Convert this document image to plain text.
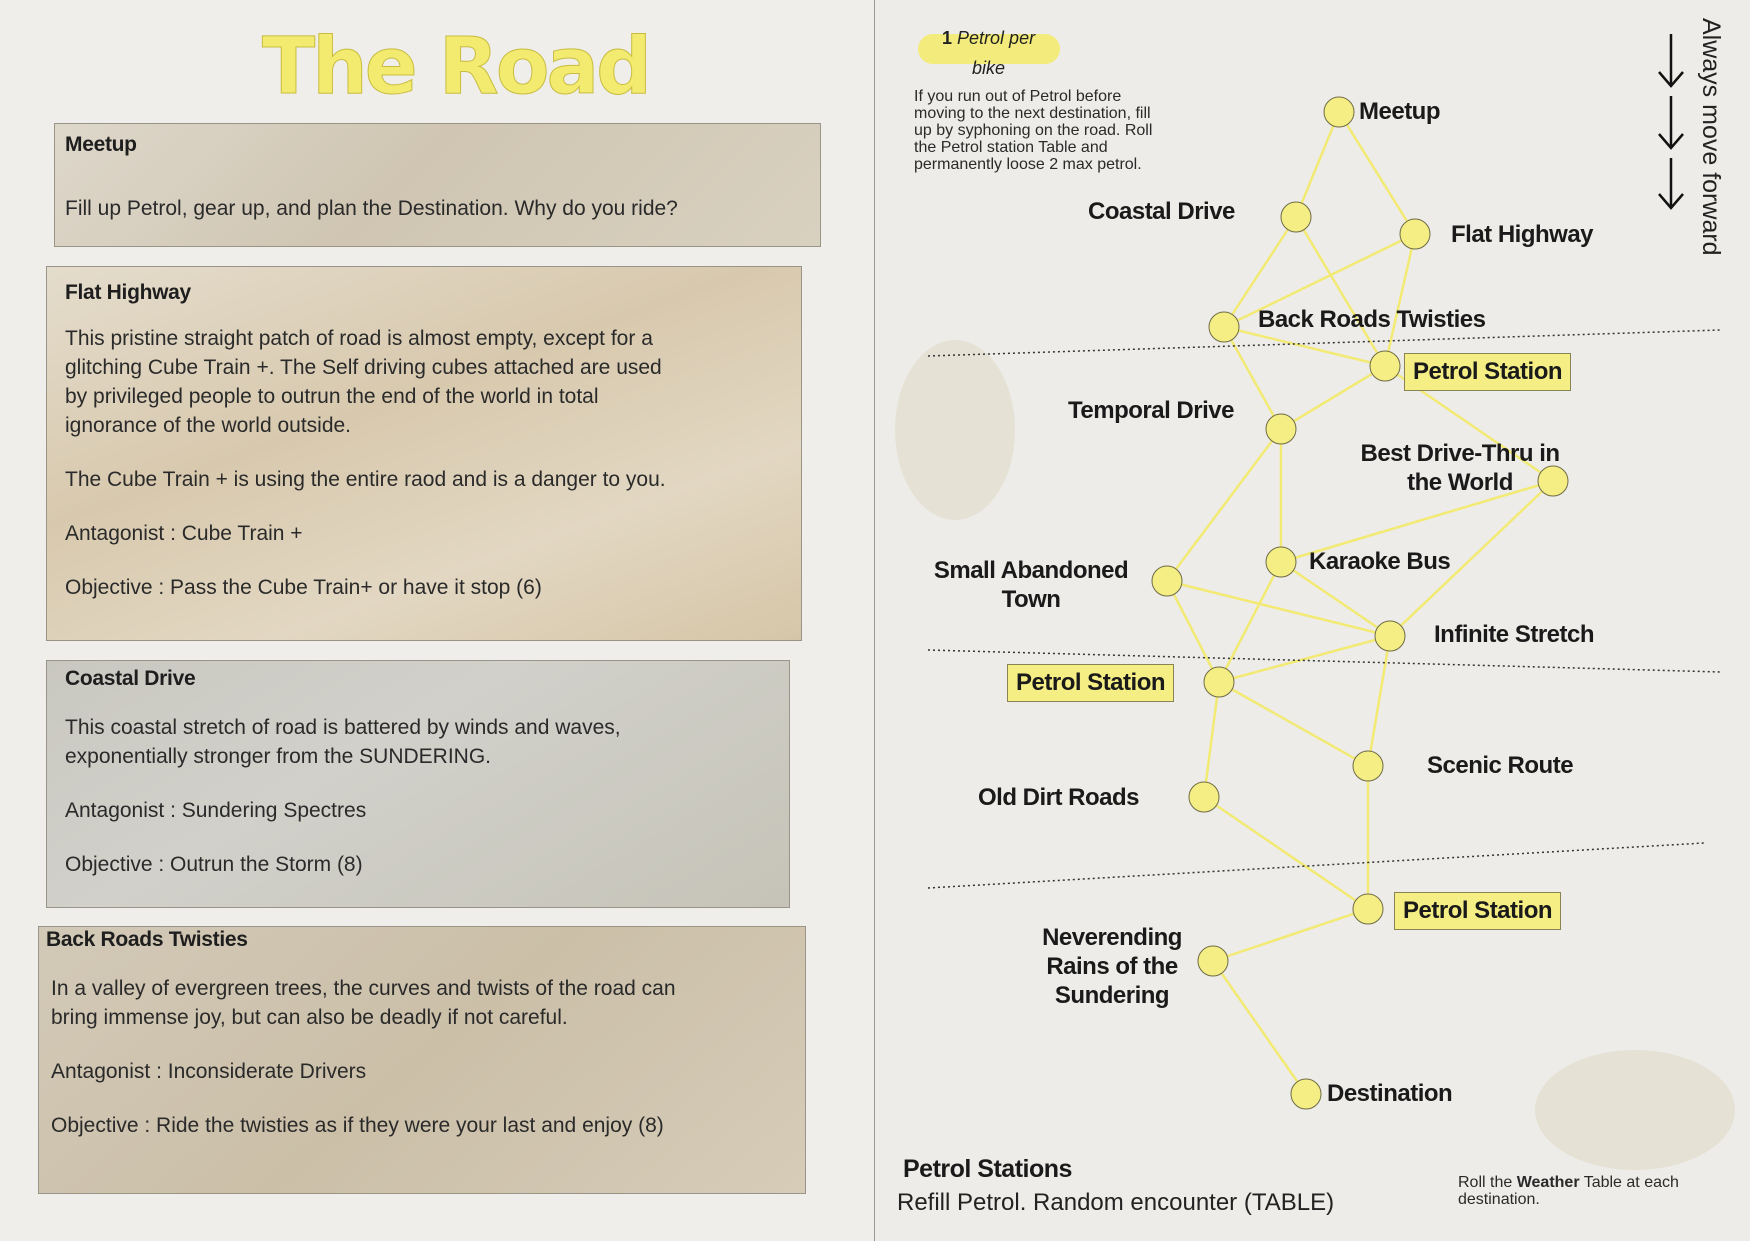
The Road
Meetup

Fill up Petrol, gear up, and plan the Destination. Why do you ride?

Flat Highway

This pristine straight patch of road is almost empty, except for a

glitching Cube Train +. The Self driving cubes attached are used

by privileged people to outrun the end of the world in total

ignorance of the world outside.

The Cube Train + is using the entire raod and is a danger to you.

Antagonist : Cube Train +

Objective : Pass the Cube Train+ or have it stop (6)

Coastal Drive

This coastal stretch of road is battered by winds and waves,

exponentially stronger from the SUNDERING.

Antagonist : Sundering Spectres

Objective : Outrun the Storm (8)

Back Roads Twisties

In a valley of evergreen trees, the curves and twists of the road can

bring immense joy, but can also be deadly if not careful.

Antagonist : Inconsiderate Drivers

Objective : Ride the twisties as if they were your last and enjoy (8)

1 Petrol per
bike
If you run out of Petrol before
moving to the next destination, fill
up by syphoning on the road. Roll
the Petrol station Table and
permanently loose 2 max petrol.	Always move forward
Meetup
Coastal Drive
Flat Highway
Back Roads Twisties
Petrol Station
Temporal Drive
Best Drive-Thru in
the World
Karaoke Bus
Small Abandoned
Town
Infinite Stretch
Petrol Station
Scenic Route
Old Dirt Roads
Petrol Station
Neverending
Rains of the
Sundering
Destination
Petrol Stations
Refill Petrol. Random encounter (TABLE)
Roll the Weather Table at each
destination.
